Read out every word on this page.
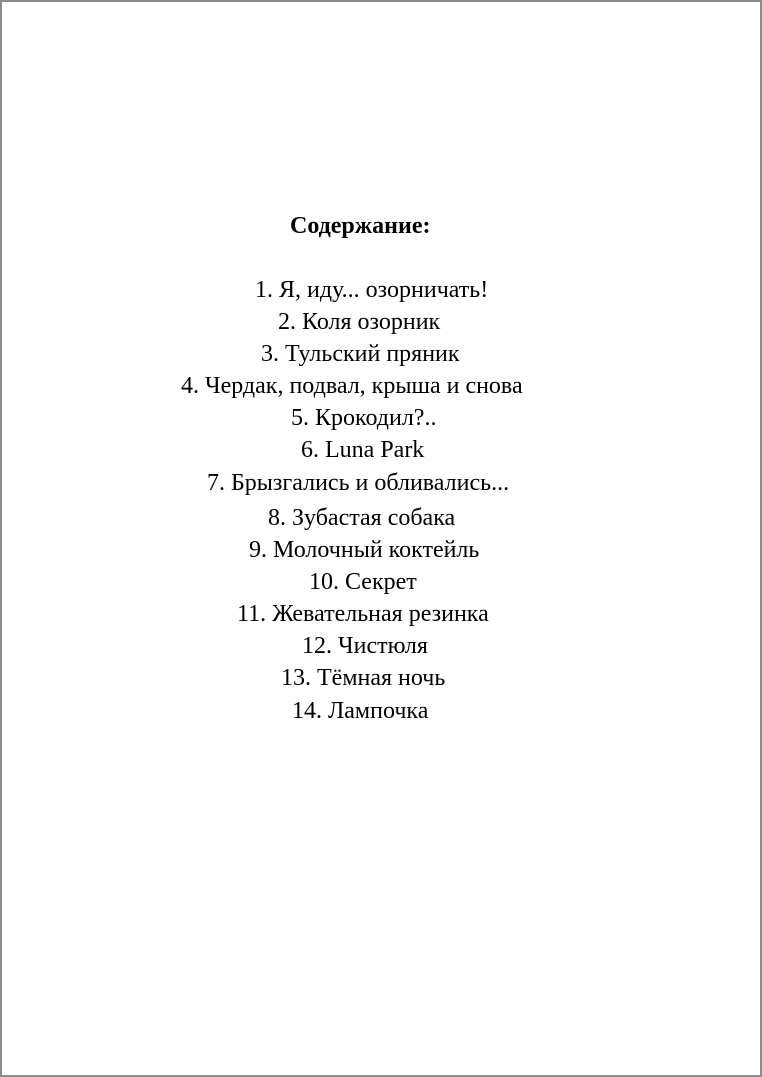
Содержание:
1. Я, иду... озорничать!
2. Коля озорник
3. Тульский пряник
4. Чердак, подвал, крыша и снова
5. Крокодил?..
6. Luna Park
7. Брызгались и обливались...
8. Зубастая собака
9. Молочный коктейль
10. Секрет
11. Жевательная резинка
12. Чистюля
13. Тёмная ночь
14. Лампочка
